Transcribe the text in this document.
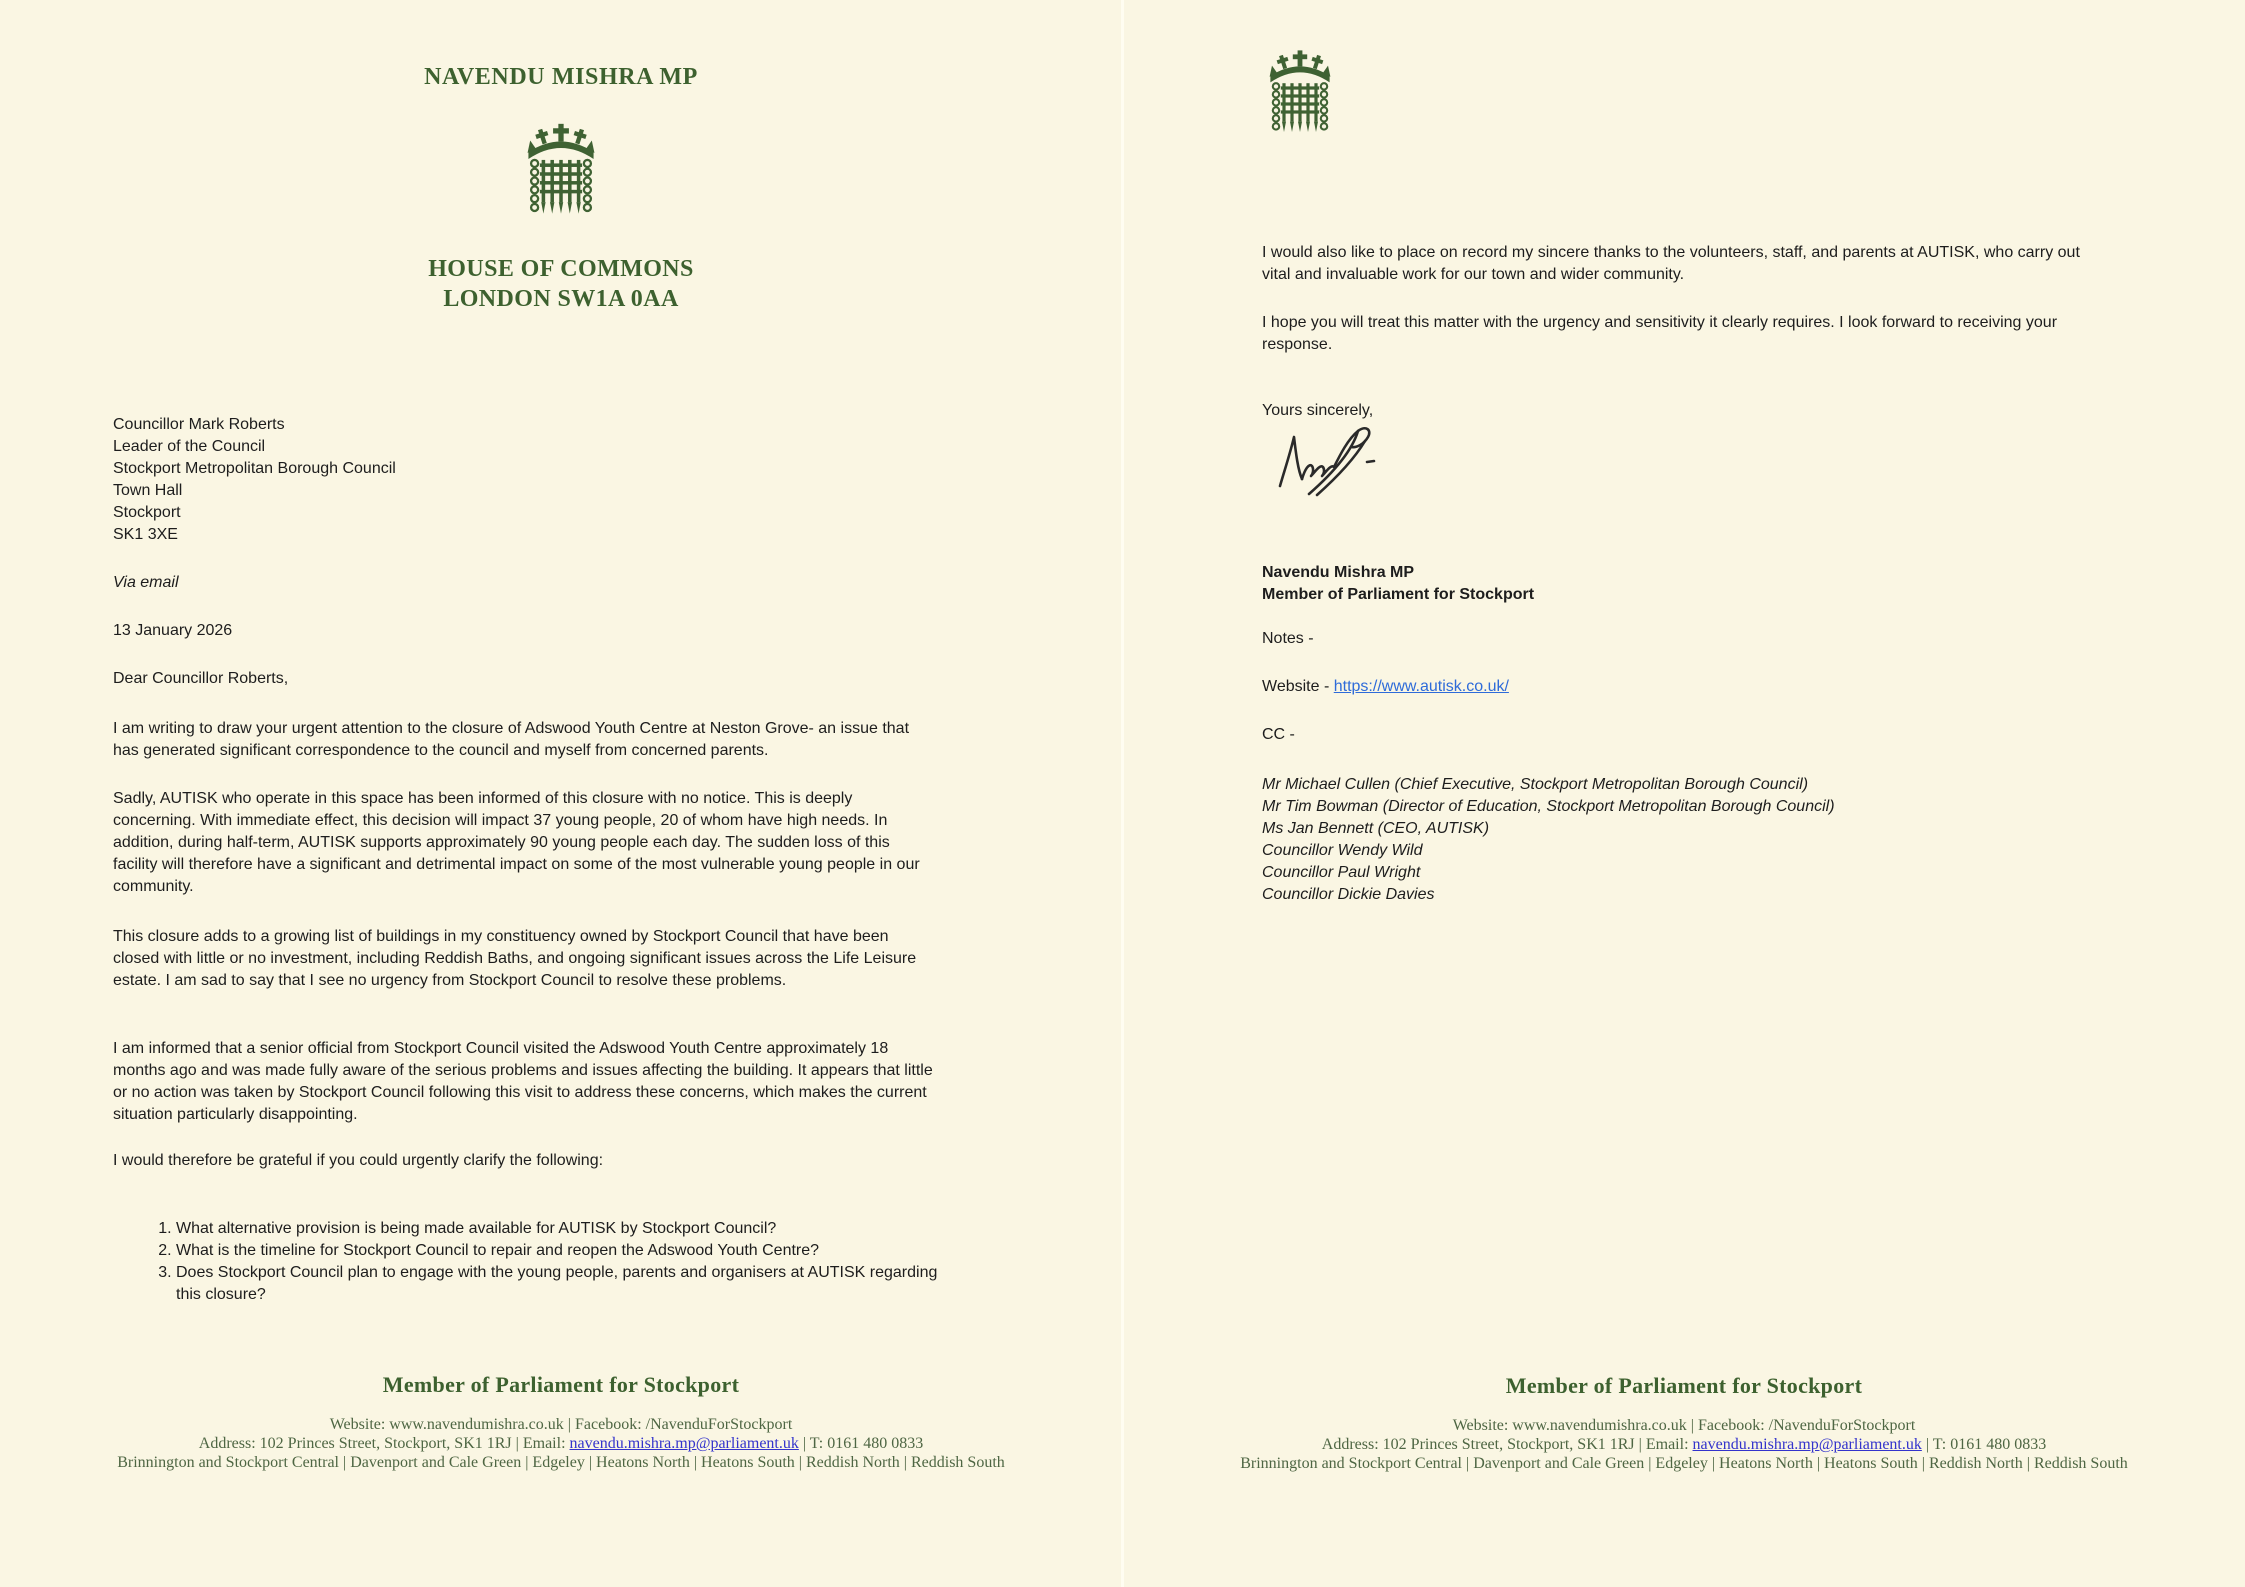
NAVENDU MISHRA MP
HOUSE OF COMMONS
LONDON SW1A 0AA
Councillor Mark Roberts
Leader of the Council
Stockport Metropolitan Borough Council
Town Hall
Stockport
SK1 3XE
Via email
13 January 2026
Dear Councillor Roberts,
I am writing to draw your urgent attention to the closure of Adswood Youth Centre at Neston Grove- an issue that has generated significant correspondence to the council and myself from concerned parents.
Sadly, AUTISK who operate in this space has been informed of this closure with no notice. This is deeply concerning. With immediate effect, this decision will impact 37 young people, 20 of whom have high needs. In addition, during half-term, AUTISK supports approximately 90 young people each day. The sudden loss of this facility will therefore have a significant and detrimental impact on some of the most vulnerable young people in our community.
This closure adds to a growing list of buildings in my constituency owned by Stockport Council that have been closed with little or no investment, including Reddish Baths, and ongoing significant issues across the Life Leisure estate. I am sad to say that I see no urgency from Stockport Council to resolve these problems.
I am informed that a senior official from Stockport Council visited the Adswood Youth Centre approximately 18 months ago and was made fully aware of the serious problems and issues affecting the building. It appears that little or no action was taken by Stockport Council following this visit to address these concerns, which makes the current situation particularly disappointing.
I would therefore be grateful if you could urgently clarify the following:
1. What alternative provision is being made available for AUTISK by Stockport Council?
2. What is the timeline for Stockport Council to repair and reopen the Adswood Youth Centre?
3. Does Stockport Council plan to engage with the young people, parents and organisers at AUTISK regarding this closure?
Member of Parliament for Stockport
Website: www.navendumishra.co.uk | Facebook: /NavenduForStockport
Address: 102 Princes Street, Stockport, SK1 1RJ | Email: navendu.mishra.mp@parliament.uk | T: 0161 480 0833
Brinnington and Stockport Central | Davenport and Cale Green | Edgeley | Heatons North | Heatons South | Reddish North | Reddish South
I would also like to place on record my sincere thanks to the volunteers, staff, and parents at AUTISK, who carry out vital and invaluable work for our town and wider community.
I hope you will treat this matter with the urgency and sensitivity it clearly requires. I look forward to receiving your response.
Yours sincerely,
Navendu Mishra MP
Member of Parliament for Stockport
Notes -
Website - https://www.autisk.co.uk/
CC -
Mr Michael Cullen (Chief Executive, Stockport Metropolitan Borough Council)
Mr Tim Bowman (Director of Education, Stockport Metropolitan Borough Council)
Ms Jan Bennett (CEO, AUTISK)
Councillor Wendy Wild
Councillor Paul Wright
Councillor Dickie Davies
Member of Parliament for Stockport
Website: www.navendumishra.co.uk | Facebook: /NavenduForStockport
Address: 102 Princes Street, Stockport, SK1 1RJ | Email: navendu.mishra.mp@parliament.uk | T: 0161 480 0833
Brinnington and Stockport Central | Davenport and Cale Green | Edgeley | Heatons North | Heatons South | Reddish North | Reddish South
